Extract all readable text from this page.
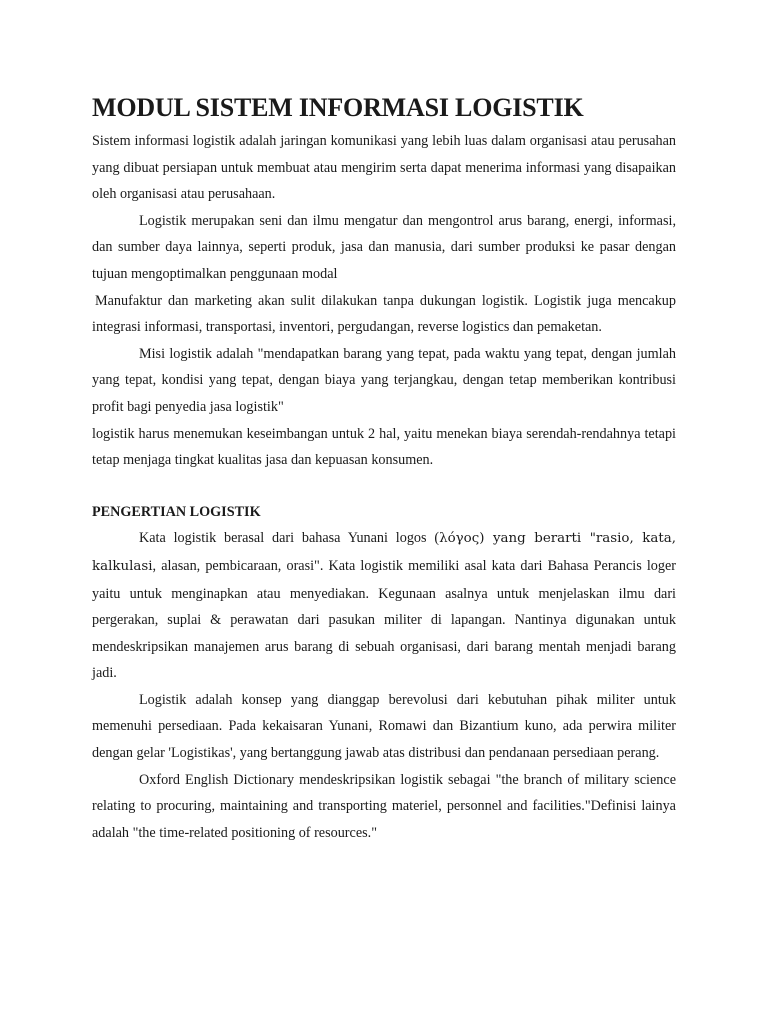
MODUL SISTEM INFORMASI LOGISTIK

Sistem informasi logistik adalah jaringan komunikasi yang lebih luas dalam organisasi atau perusahan yang dibuat persiapan untuk membuat atau mengirim serta dapat menerima informasi yang disapaikan oleh organisasi atau perusahaan.

Logistik merupakan seni dan ilmu mengatur dan mengontrol arus barang, energi, informasi, dan sumber daya lainnya, seperti produk, jasa dan manusia, dari sumber produksi ke pasar dengan tujuan mengoptimalkan penggunaan modal

Manufaktur dan marketing akan sulit dilakukan tanpa dukungan logistik. Logistik juga mencakup integrasi informasi, transportasi, inventori, pergudangan, reverse logistics dan pemaketan.

Misi logistik adalah "mendapatkan barang yang tepat, pada waktu yang tepat, dengan jumlah yang tepat, kondisi yang tepat, dengan biaya yang terjangkau, dengan tetap memberikan kontribusi profit bagi penyedia jasa logistik"

logistik harus menemukan keseimbangan untuk 2 hal, yaitu menekan biaya serendah-rendahnya tetapi tetap menjaga tingkat kualitas jasa dan kepuasan konsumen.

PENGERTIAN LOGISTIK

Kata logistik berasal dari bahasa Yunani logos (λόγος) yang berarti "rasio, kata, kalkulasi, alasan, pembicaraan, orasi". Kata logistik memiliki asal kata dari Bahasa Perancis loger yaitu untuk menginapkan atau menyediakan. Kegunaan asalnya untuk menjelaskan ilmu dari pergerakan, suplai & perawatan dari pasukan militer di lapangan. Nantinya digunakan untuk mendeskripsikan manajemen arus barang di sebuah organisasi, dari barang mentah menjadi barang jadi.

Logistik adalah konsep yang dianggap berevolusi dari kebutuhan pihak militer untuk memenuhi persediaan. Pada kekaisaran Yunani, Romawi dan Bizantium kuno, ada perwira militer dengan gelar 'Logistikas', yang bertanggung jawab atas distribusi dan pendanaan persediaan perang.

Oxford English Dictionary mendeskripsikan logistik sebagai "the branch of military science relating to procuring, maintaining and transporting materiel, personnel and facilities."Definisi lainya adalah "the time-related positioning of resources."
